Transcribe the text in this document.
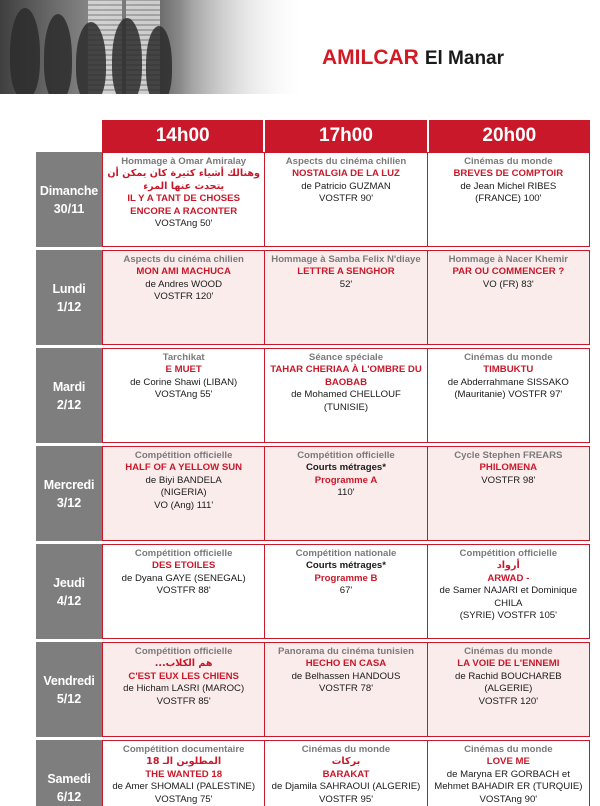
AMILCAR El Manar
14h00	17h00	20h00
Dimanche
30/11
Hommage à Omar Amiralay
وهنالك أشياء كثيرة كان يمكن أن يتحدث عنها المرء
IL Y A TANT DE CHOSES ENCORE A RACONTER
VOSTAng 50'
Aspects du cinéma chilien
NOSTALGIA DE LA LUZ
de Patricio GUZMAN
VOSTFR 90'
Cinémas du monde
BREVES DE COMPTOIR
de Jean Michel RIBES
(FRANCE) 100'
Lundi
1/12
Aspects du cinéma chilien
MON AMI MACHUCA
de Andres WOOD
VOSTFR 120'
Hommage à Samba Felix N'diaye
LETTRE A SENGHOR
52'
Hommage à Nacer Khemir
PAR OU COMMENCER ?
VO (FR) 83'
Mardi
2/12
Tarchikat
E MUET
de Corine Shawi (LIBAN)
VOSTAng 55'
Séance spéciale
TAHAR CHERIAA À L'OMBRE DU BAOBAB
de Mohamed CHELLOUF
(TUNISIE)
Cinémas du monde
TIMBUKTU
de Abderrahmane SISSAKO
(Mauritanie) VOSTFR 97'
Mercredi
3/12
Compétition officielle
HALF OF A YELLOW SUN
de Biyi BANDELA
(NIGERIA)
VO (Ang) 111'
Compétition officielle
Courts métrages*
Programme A
110'
Cycle Stephen FREARS
PHILOMENA
VOSTFR 98'
Jeudi
4/12
Compétition officielle
DES ETOILES
de Dyana GAYE (SENEGAL)
VOSTFR 88'
Compétition nationale
Courts métrages*
Programme B
67'
Compétition officielle
أرواد
ARWAD -
de Samer NAJARI et Dominique CHILA
(SYRIE) VOSTFR 105'
Vendredi
5/12
Compétition officielle
هم الكلاب...
C'EST EUX LES CHIENS
de Hicham LASRI (MAROC)
VOSTFR 85'
Panorama du cinéma tunisien
HECHO EN CASA
de Belhassen HANDOUS
VOSTFR 78'
Cinémas du monde
LA VOIE DE L'ENNEMI
de Rachid BOUCHAREB
(ALGERIE)
VOSTFR 120'
Samedi
6/12
Compétition documentaire
المطلوبن الـ 18
THE WANTED 18
de Amer SHOMALI (PALESTINE)
VOSTAng 75'
Cinémas du monde
بركات
BARAKAT
de Djamila SAHRAOUI (ALGERIE)
VOSTFR 95'
Cinémas du monde
LOVE ME
de Maryna ER GORBACH et Mehmet BAHADIR ER (TURQUIE)
VOSTAng 90'
